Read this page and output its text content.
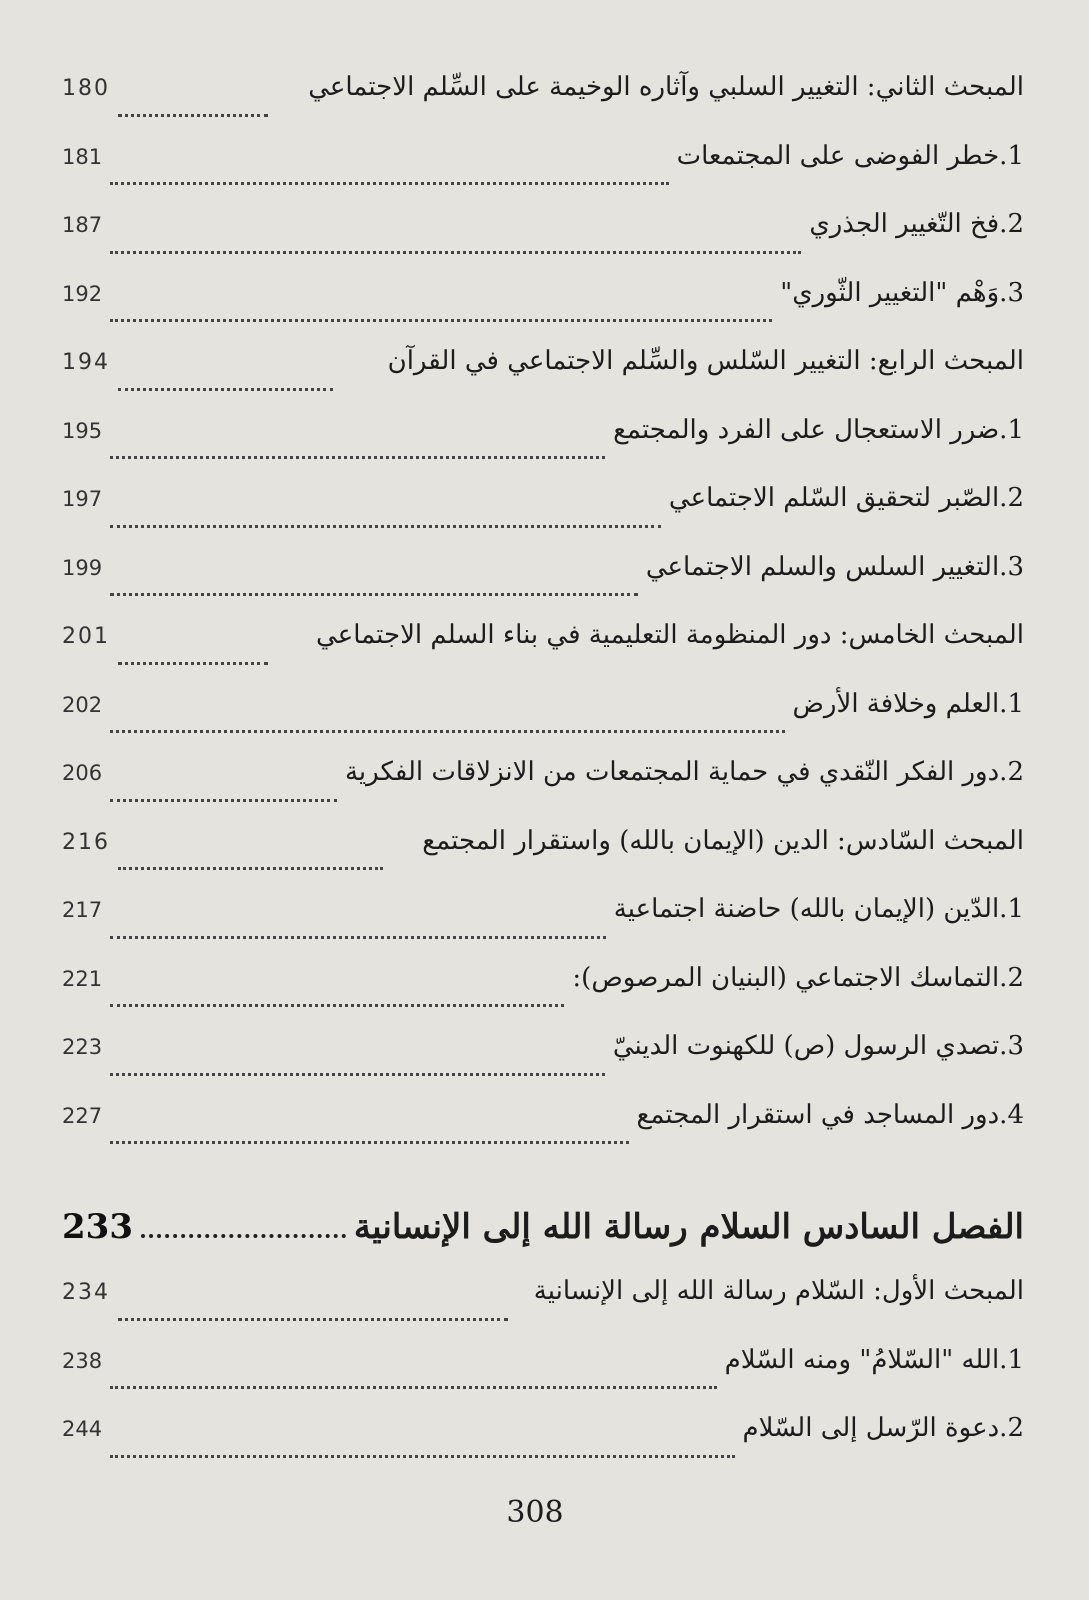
180	المبحث الثاني: التغيير السلبي وآثاره الوخيمة على السِّلم الاجتماعي
181	1.خطر الفوضى على المجتمعات
187	2.فخ التّغيير الجذري
192	3.وَهْم "التغيير الثّوري"
194	المبحث الرابع: التغيير السّلس والسِّلم الاجتماعي في القرآن
195	1.ضرر الاستعجال على الفرد والمجتمع
197	2.الصّبر لتحقيق السّلم الاجتماعي
199	3.التغيير السلس والسلم الاجتماعي
201	المبحث الخامس: دور المنظومة التعليمية في بناء السلم الاجتماعي
202	1.العلم وخلافة الأرض
206	2.دور الفكر النّقدي في حماية المجتمعات من الانزلاقات الفكرية
216	المبحث السّادس: الدين (الإيمان بالله) واستقرار المجتمع
217	1.الدّين (الإيمان بالله) حاضنة اجتماعية
221	2.التماسك الاجتماعي (البنيان المرصوص):
223	3.تصدي الرسول (ص) للكهنوت الدينيّ
227	4.دور المساجد في استقرار المجتمع
233	الفصل السادس السلام رسالة الله إلى الإنسانية
234	المبحث الأول: السّلام رسالة الله إلى الإنسانية
238	1.الله "السّلامُ" ومنه السّلام
244	2.دعوة الرّسل إلى السّلام
308
